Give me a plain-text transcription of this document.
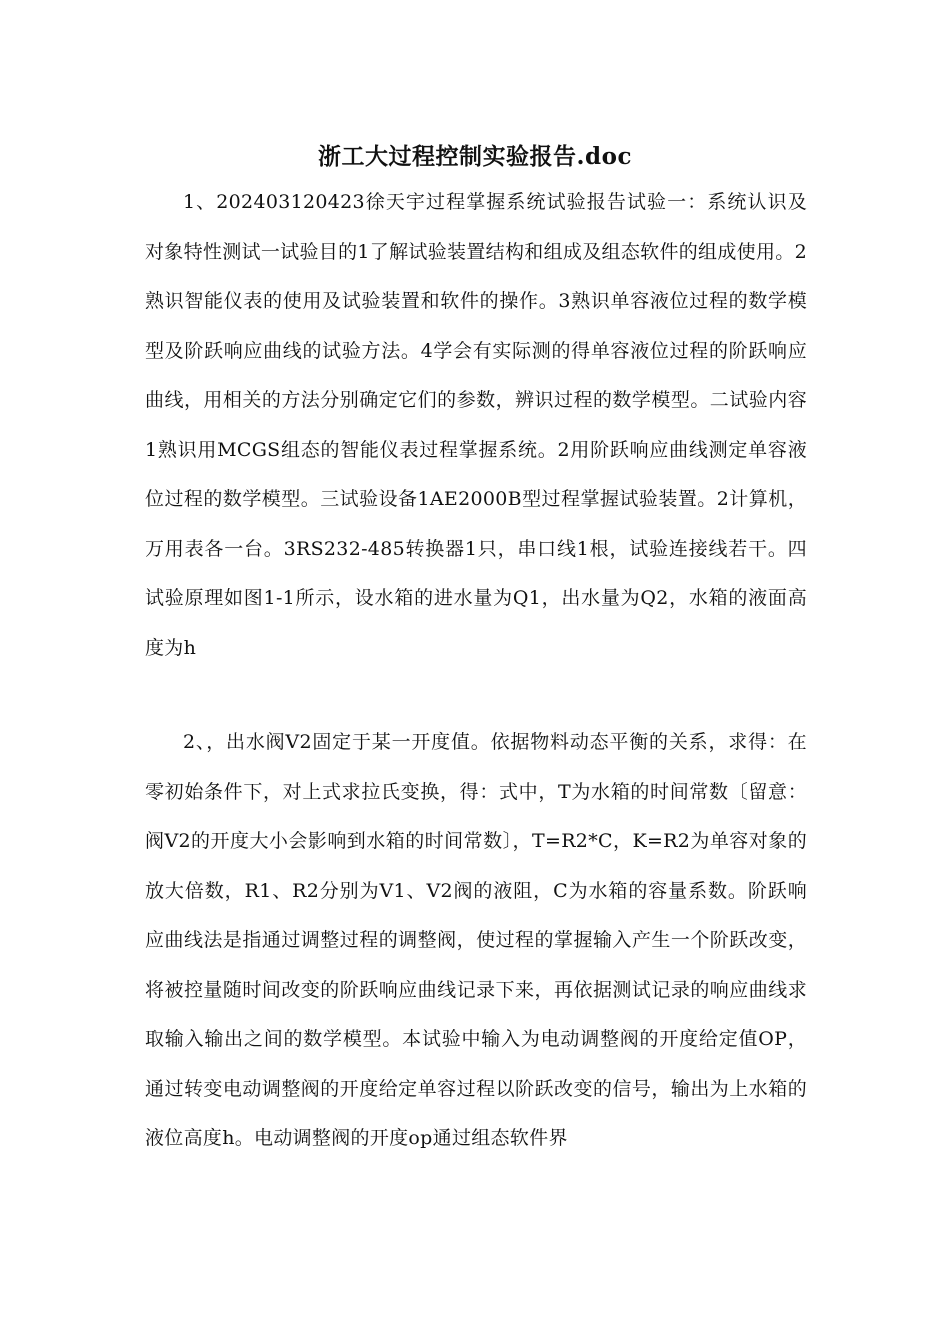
浙工大过程控制实验报告.doc

1、202403120423徐天宇过程掌握系统试验报告试验一：系统认识及对象特性测试一试验目的1了解试验装置结构和组成及组态软件的组成使用。2熟识智能仪表的使用及试验装置和软件的操作。3熟识单容液位过程的数学模型及阶跃响应曲线的试验方法。4学会有实际测的得单容液位过程的阶跃响应曲线，用相关的方法分别确定它们的参数，辨识过程的数学模型。二试验内容1熟识用MCGS组态的智能仪表过程掌握系统。2用阶跃响应曲线测定单容液位过程的数学模型。三试验设备1AE2000B型过程掌握试验装置。2计算机，万用表各一台。3RS232-485转换器1只，串口线1根，试验连接线若干。四试验原理如图1-1所示，设水箱的进水量为Q1，出水量为Q2，水箱的液面高度为h

2、，出水阀V2固定于某一开度值。依据物料动态平衡的关系，求得：在零初始条件下，对上式求拉氏变换，得：式中，T为水箱的时间常数〔留意：阀V2的开度大小会影响到水箱的时间常数〕，T=R2*C，K=R2为单容对象的放大倍数，R1、R2分别为V1、V2阀的液阻，C为水箱的容量系数。阶跃响应曲线法是指通过调整过程的调整阀，使过程的掌握输入产生一个阶跃改变，将被控量随时间改变的阶跃响应曲线记录下来，再依据测试记录的响应曲线求取输入输出之间的数学模型。本试验中输入为电动调整阀的开度给定值OP，通过转变电动调整阀的开度给定单容过程以阶跃改变的信号，输出为上水箱的液位高度h。电动调整阀的开度op通过组态软件界
